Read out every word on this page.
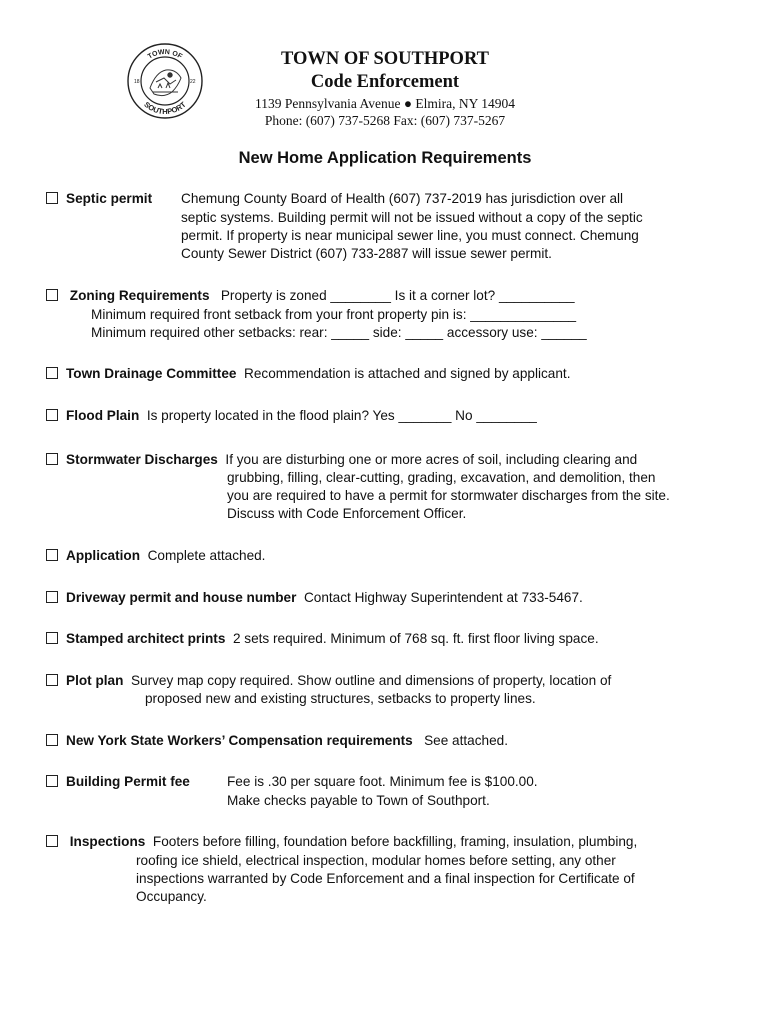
TOWN OF
SOUTHPORT
18	22
TOWN OF SOUTHPORT
Code Enforcement
1139 Pennsylvania Avenue ● Elmira, NY 14904
Phone: (607) 737-5268 Fax: (607) 737-5267
New Home Application Requirements
Septic permit Chemung County Board of Health (607) 737-2019 has jurisdiction over all
septic systems. Building permit will not be issued without a copy of the septic
permit. If property is near municipal sewer line, you must connect. Chemung
County Sewer District (607) 733-2887 will issue sewer permit.
Zoning Requirements Property is zoned ________ Is it a corner lot? __________
Minimum required front setback from your front property pin is: ______________
Minimum required other setbacks: rear: _____ side: _____ accessory use: ______
Town Drainage Committee Recommendation is attached and signed by applicant.
Flood Plain Is property located in the flood plain? Yes _______ No ________
Stormwater Discharges If you are disturbing one or more acres of soil, including clearing and
grubbing, filling, clear-cutting, grading, excavation, and demolition, then
you are required to have a permit for stormwater discharges from the site.
Discuss with Code Enforcement Officer.
Application Complete attached.
Driveway permit and house number Contact Highway Superintendent at 733-5467.
Stamped architect prints 2 sets required. Minimum of 768 sq. ft. first floor living space.
Plot plan Survey map copy required. Show outline and dimensions of property, location of
proposed new and existing structures, setbacks to property lines.
New York State Workers’ Compensation requirements See attached.
Building Permit fee	Fee is .30 per square foot. Minimum fee is $100.00.
Make checks payable to Town of Southport.
Inspections Footers before filling, foundation before backfilling, framing, insulation, plumbing,
roofing ice shield, electrical inspection, modular homes before setting, any other
inspections warranted by Code Enforcement and a final inspection for Certificate of
Occupancy.
